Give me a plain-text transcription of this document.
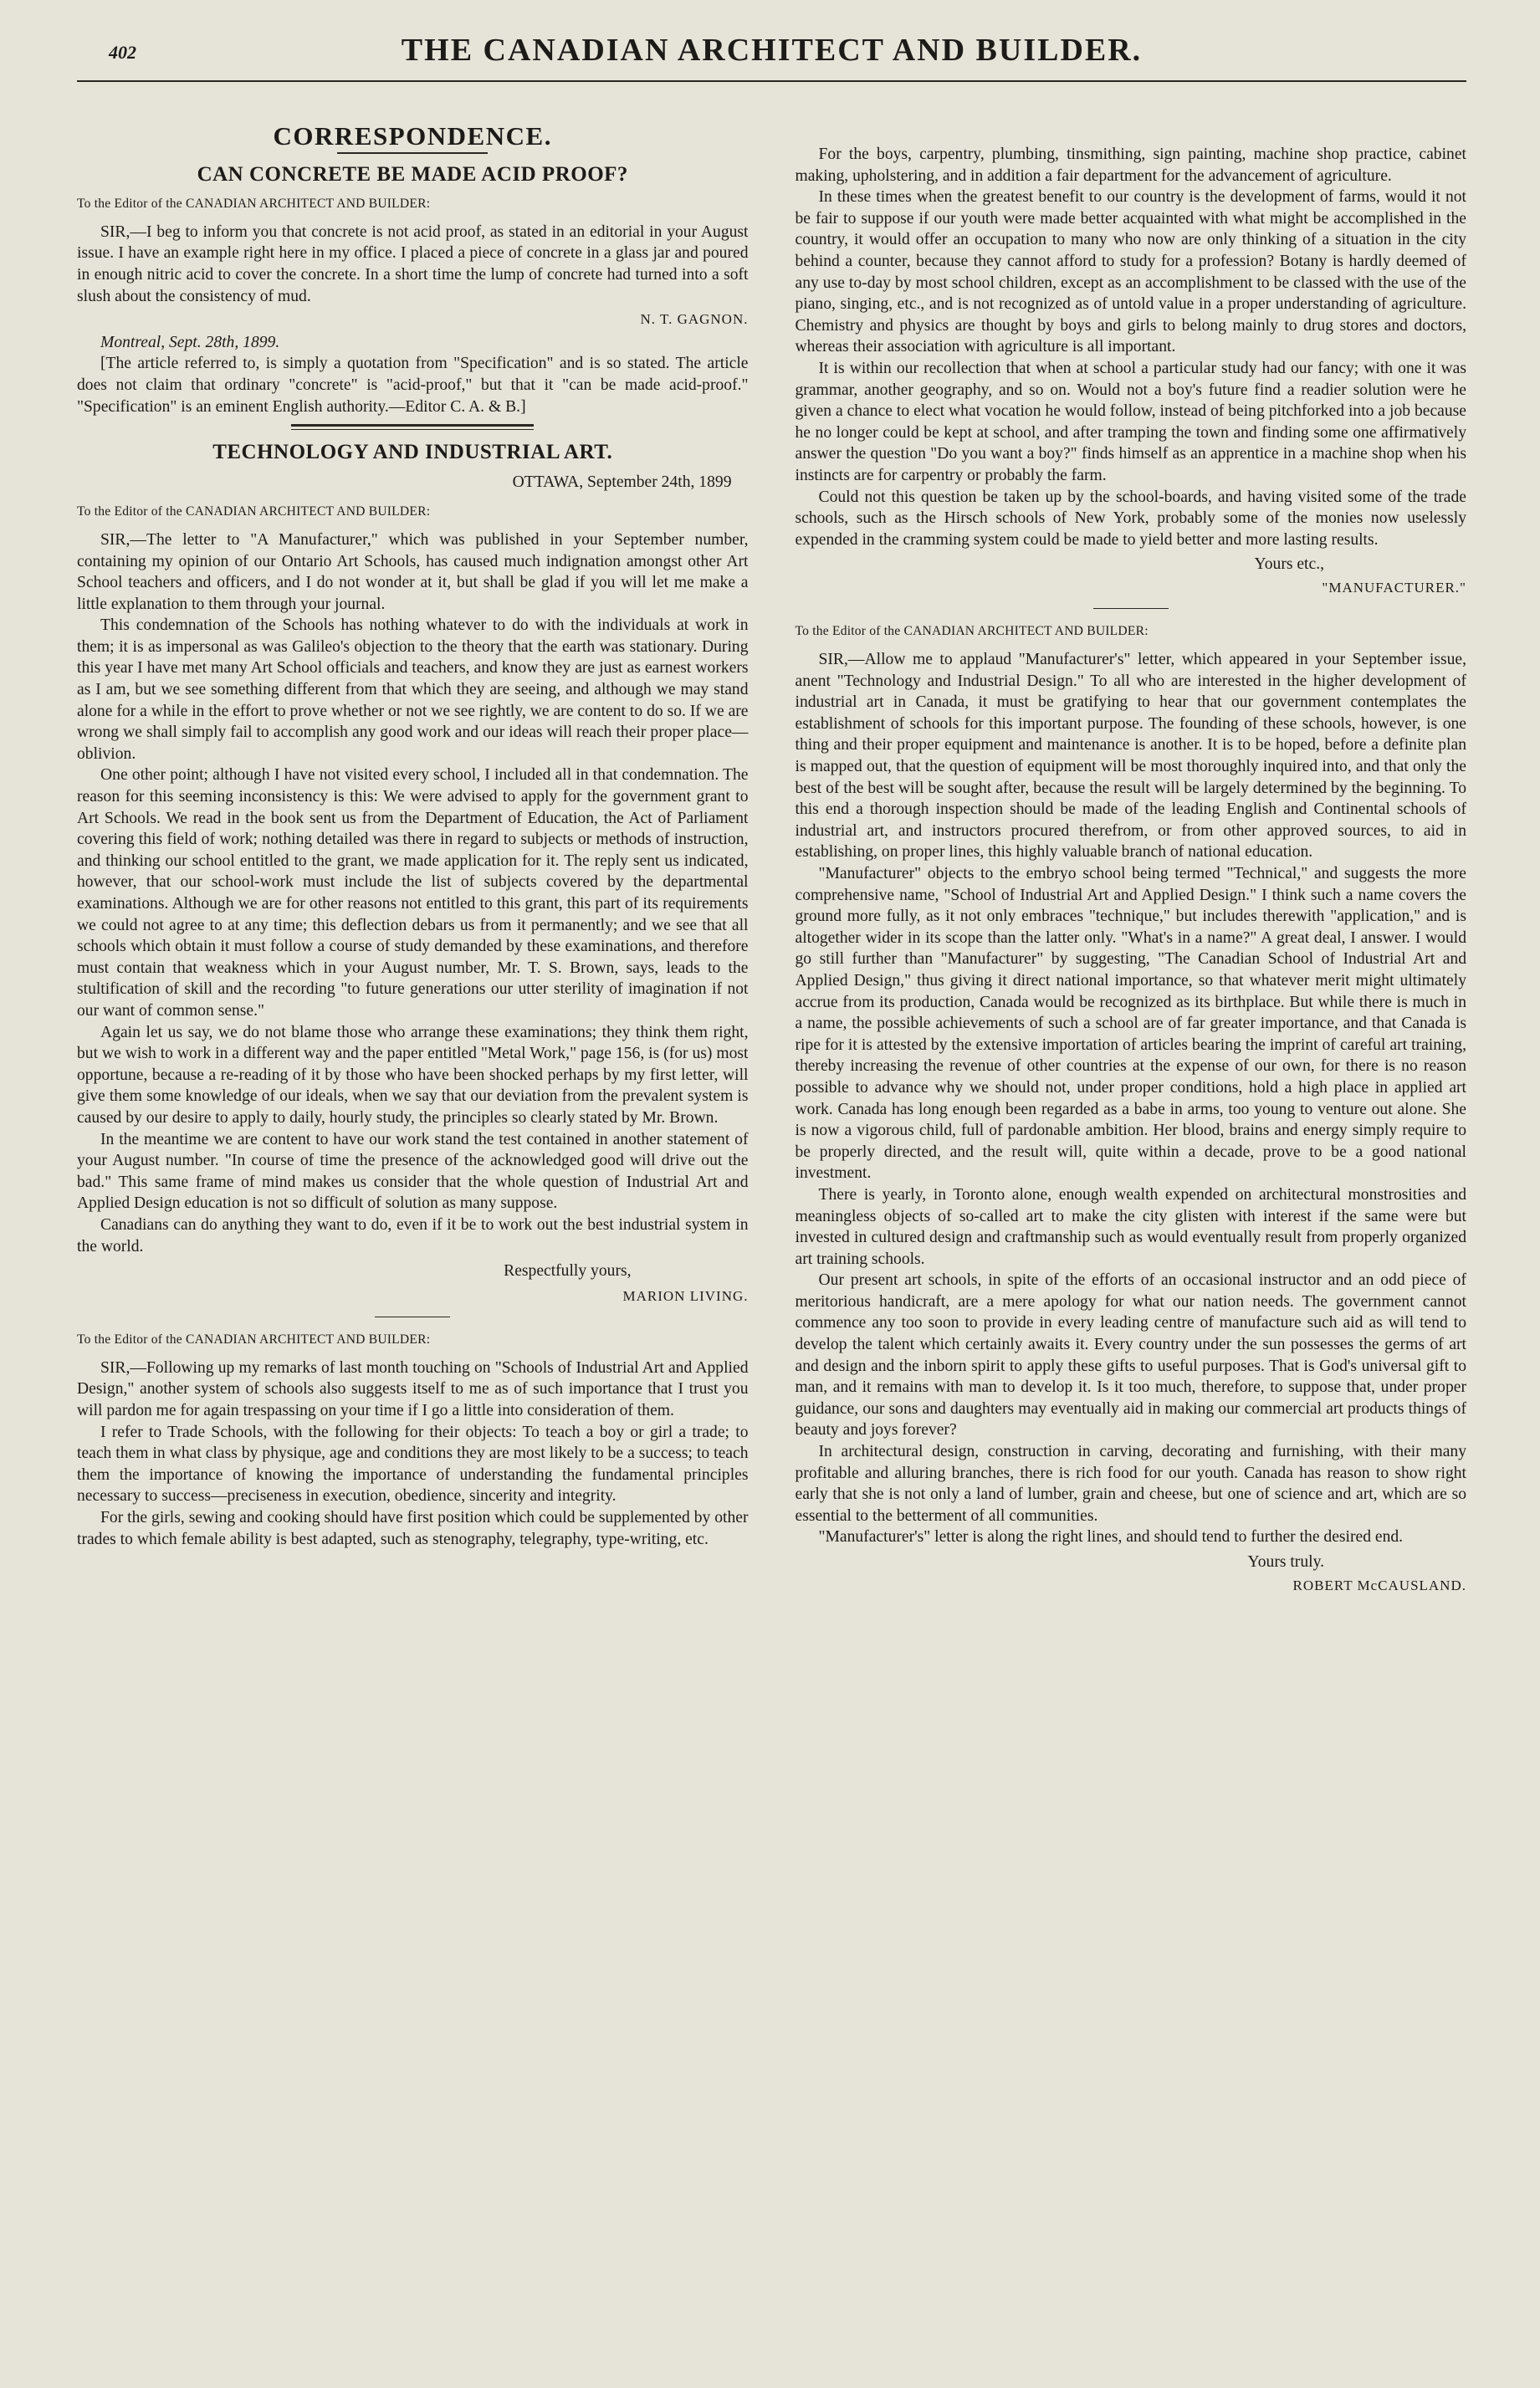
402	THE CANADIAN ARCHITECT AND BUILDER.
CORRESPONDENCE.
CAN CONCRETE BE MADE ACID PROOF?
To the Editor of the CANADIAN ARCHITECT AND BUILDER:

SIR,—I beg to inform you that concrete is not acid proof, as stated in an editorial in your August issue. I have an example right here in my office. I placed a piece of concrete in a glass jar and poured in enough nitric acid to cover the concrete. In a short time the lump of concrete had turned into a soft slush about the consistency of mud.

N. T. GAGNON.

Montreal, Sept. 28th, 1899.

[The article referred to, is simply a quotation from "Specification" and is so stated. The article does not claim that ordinary "concrete" is "acid-proof," but that it "can be made acid-proof." "Specification" is an eminent English authority.—Editor C. A. & B.]

TECHNOLOGY AND INDUSTRIAL ART.
OTTAWA, September 24th, 1899
To the Editor of the CANADIAN ARCHITECT AND BUILDER:

SIR,—The letter to "A Manufacturer," which was published in your September number, containing my opinion of our Ontario Art Schools, has caused much indignation amongst other Art School teachers and officers, and I do not wonder at it, but shall be glad if you will let me make a little explanation to them through your journal.

This condemnation of the Schools has nothing whatever to do with the individuals at work in them; it is as impersonal as was Galileo's objection to the theory that the earth was stationary. During this year I have met many Art School officials and teachers, and know they are just as earnest workers as I am, but we see something different from that which they are seeing, and although we may stand alone for a while in the effort to prove whether or not we see rightly, we are content to do so. If we are wrong we shall simply fail to accomplish any good work and our ideas will reach their proper place—oblivion.

One other point; although I have not visited every school, I included all in that condemnation. The reason for this seeming inconsistency is this: We were advised to apply for the government grant to Art Schools. We read in the book sent us from the Department of Education, the Act of Parliament covering this field of work; nothing detailed was there in regard to subjects or methods of instruction, and thinking our school entitled to the grant, we made application for it. The reply sent us indicated, however, that our school-work must include the list of subjects covered by the departmental examinations. Although we are for other reasons not entitled to this grant, this part of its requirements we could not agree to at any time; this deflection debars us from it permanently; and we see that all schools which obtain it must follow a course of study demanded by these examinations, and therefore must contain that weakness which in your August number, Mr. T. S. Brown, says, leads to the stultification of skill and the recording "to future generations our utter sterility of imagination if not our want of common sense."

Again let us say, we do not blame those who arrange these examinations; they think them right, but we wish to work in a different way and the paper entitled "Metal Work," page 156, is (for us) most opportune, because a re-reading of it by those who have been shocked perhaps by my first letter, will give them some knowledge of our ideals, when we say that our deviation from the prevalent system is caused by our desire to apply to daily, hourly study, the principles so clearly stated by Mr. Brown.

In the meantime we are content to have our work stand the test contained in another statement of your August number. "In course of time the presence of the acknowledged good will drive out the bad." This same frame of mind makes us consider that the whole question of Industrial Art and Applied Design education is not so difficult of solution as many suppose.

Canadians can do anything they want to do, even if it be to work out the best industrial system in the world.

Respectfully yours,
MARION LIVING.
To the Editor of the CANADIAN ARCHITECT AND BUILDER:

SIR,—Following up my remarks of last month touching on "Schools of Industrial Art and Applied Design," another system of schools also suggests itself to me as of such importance that I trust you will pardon me for again trespassing on your time if I go a little into consideration of them.

I refer to Trade Schools, with the following for their objects: To teach a boy or girl a trade; to teach them in what class by physique, age and conditions they are most likely to be a success; to teach them the importance of knowing the importance of understanding the fundamental principles necessary to success—preciseness in execution, obedience, sincerity and integrity.

For the girls, sewing and cooking should have first position which could be supplemented by other trades to which female ability is best adapted, such as stenography, telegraphy, type-writing, etc.

For the boys, carpentry, plumbing, tinsmithing, sign painting, machine shop practice, cabinet making, upholstering, and in addition a fair department for the advancement of agriculture.

In these times when the greatest benefit to our country is the development of farms, would it not be fair to suppose if our youth were made better acquainted with what might be accomplished in the country, it would offer an occupation to many who now are only thinking of a situation in the city behind a counter, because they cannot afford to study for a profession? Botany is hardly deemed of any use to-day by most school children, except as an accomplishment to be classed with the use of the piano, singing, etc., and is not recognized as of untold value in a proper understanding of agriculture. Chemistry and physics are thought by boys and girls to belong mainly to drug stores and doctors, whereas their association with agriculture is all important.

It is within our recollection that when at school a particular study had our fancy; with one it was grammar, another geography, and so on. Would not a boy's future find a readier solution were he given a chance to elect what vocation he would follow, instead of being pitchforked into a job because he no longer could be kept at school, and after tramping the town and finding some one affirmatively answer the question "Do you want a boy?" finds himself as an apprentice in a machine shop when his instincts are for carpentry or probably the farm.

Could not this question be taken up by the school-boards, and having visited some of the trade schools, such as the Hirsch schools of New York, probably some of the monies now uselessly expended in the cramming system could be made to yield better and more lasting results.

Yours etc.,
"MANUFACTURER."
To the Editor of the CANADIAN ARCHITECT AND BUILDER:

SIR,—Allow me to applaud "Manufacturer's" letter, which appeared in your September issue, anent "Technology and Industrial Design." To all who are interested in the higher development of industrial art in Canada, it must be gratifying to hear that our government contemplates the establishment of schools for this important purpose. The founding of these schools, however, is one thing and their proper equipment and maintenance is another. It is to be hoped, before a definite plan is mapped out, that the question of equipment will be most thoroughly inquired into, and that only the best of the best will be sought after, because the result will be largely determined by the beginning. To this end a thorough inspection should be made of the leading English and Continental schools of industrial art, and instructors procured therefrom, or from other approved sources, to aid in establishing, on proper lines, this highly valuable branch of national education.

"Manufacturer" objects to the embryo school being termed "Technical," and suggests the more comprehensive name, "School of Industrial Art and Applied Design." I think such a name covers the ground more fully, as it not only embraces "technique," but includes therewith "application," and is altogether wider in its scope than the latter only. "What's in a name?" A great deal, I answer. I would go still further than "Manufacturer" by suggesting, "The Canadian School of Industrial Art and Applied Design," thus giving it direct national importance, so that whatever merit might ultimately accrue from its production, Canada would be recognized as its birthplace. But while there is much in a name, the possible achievements of such a school are of far greater importance, and that Canada is ripe for it is attested by the extensive importation of articles bearing the imprint of careful art training, thereby increasing the revenue of other countries at the expense of our own, for there is no reason possible to advance why we should not, under proper conditions, hold a high place in applied art work. Canada has long enough been regarded as a babe in arms, too young to venture out alone. She is now a vigorous child, full of pardonable ambition. Her blood, brains and energy simply require to be properly directed, and the result will, quite within a decade, prove to be a good national investment.

There is yearly, in Toronto alone, enough wealth expended on architectural monstrosities and meaningless objects of so-called art to make the city glisten with interest if the same were but invested in cultured design and craftmanship such as would eventually result from properly organized art training schools.

Our present art schools, in spite of the efforts of an occasional instructor and an odd piece of meritorious handicraft, are a mere apology for what our nation needs. The government cannot commence any too soon to provide in every leading centre of manufacture such aid as will tend to develop the talent which certainly awaits it. Every country under the sun possesses the germs of art and design and the inborn spirit to apply these gifts to useful purposes. That is God's universal gift to man, and it remains with man to develop it. Is it too much, therefore, to suppose that, under proper guidance, our sons and daughters may eventually aid in making our commercial art products things of beauty and joys forever?

In architectural design, construction in carving, decorating and furnishing, with their many profitable and alluring branches, there is rich food for our youth. Canada has reason to show right early that she is not only a land of lumber, grain and cheese, but one of science and art, which are so essential to the betterment of all communities.

"Manufacturer's" letter is along the right lines, and should tend to further the desired end.

Yours truly.
ROBERT McCAUSLAND.
